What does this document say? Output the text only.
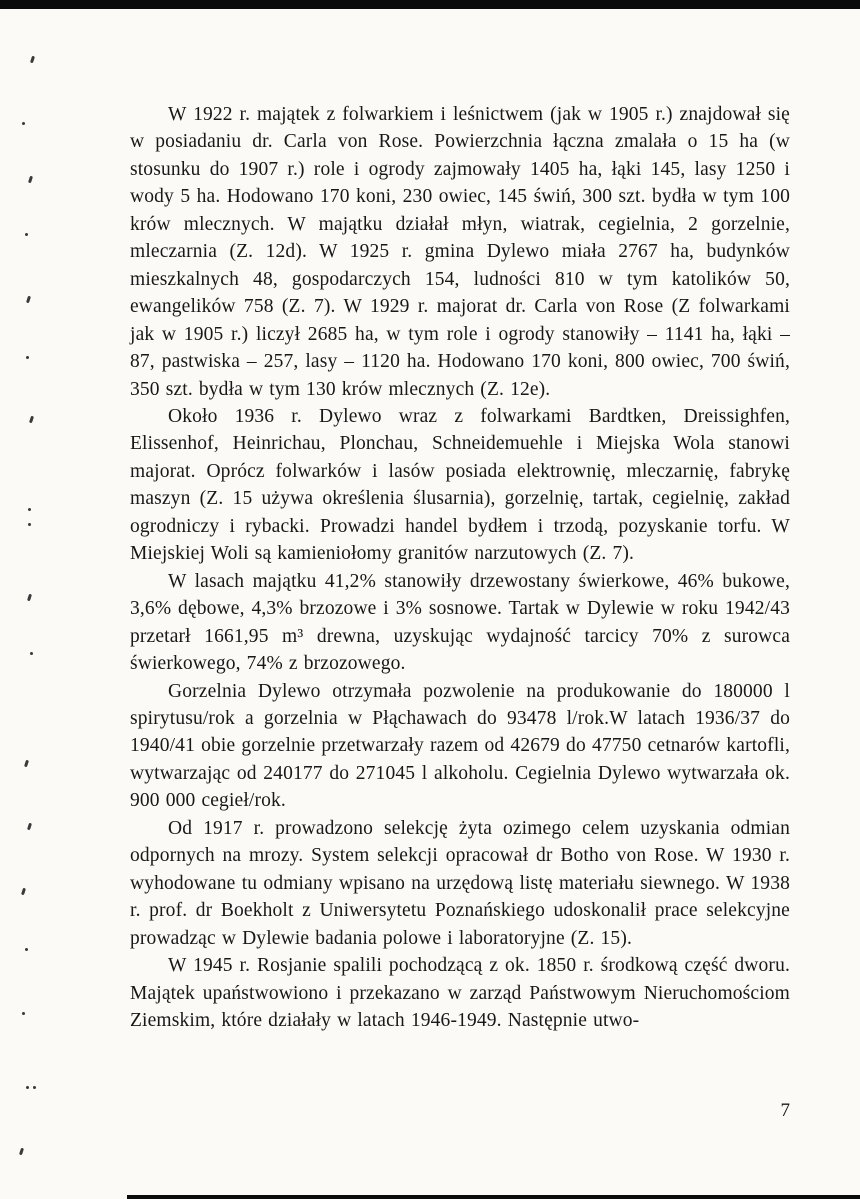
W 1922 r. majątek z folwarkiem i leśnictwem (jak w 1905 r.) znajdował się w posiadaniu dr. Carla von Rose. Powierzchnia łączna zmalała o 15 ha (w stosunku do 1907 r.) role i ogrody zajmowały 1405 ha, łąki 145, lasy 1250 i wody 5 ha. Hodowano 170 koni, 230 owiec, 145 świń, 300 szt. bydła w tym 100 krów mlecznych. W majątku działał młyn, wiatrak, cegielnia, 2 gorzelnie, mleczarnia (Z. 12d). W 1925 r. gmina Dylewo miała 2767 ha, budynków mieszkalnych 48, gospodarczych 154, ludności 810 w tym katolików 50, ewangelików 758 (Z. 7). W 1929 r. majorat dr. Carla von Rose (Z folwarkami jak w 1905 r.) liczył 2685 ha, w tym role i ogrody stanowiły – 1141 ha, łąki – 87, pastwiska – 257, lasy – 1120 ha. Hodowano 170 koni, 800 owiec, 700 świń, 350 szt. bydła w tym 130 krów mlecznych (Z. 12e).

Około 1936 r. Dylewo wraz z folwarkami Bardtken, Dreissighfen, Elissenhof, Heinrichau, Plonchau, Schneidemuehle i Miejska Wola stanowi majorat. Oprócz folwarków i lasów posiada elektrownię, mleczarnię, fabrykę maszyn (Z. 15 używa określenia ślusarnia), gorzelnię, tartak, cegielnię, zakład ogrodniczy i rybacki. Prowadzi handel bydłem i trzodą, pozyskanie torfu. W Miejskiej Woli są kamieniołomy granitów narzutowych (Z. 7).

W lasach majątku 41,2% stanowiły drzewostany świerkowe, 46% bukowe, 3,6% dębowe, 4,3% brzozowe i 3% sosnowe. Tartak w Dylewie w roku 1942/43 przetarł 1661,95 m³ drewna, uzyskując wydajność tarcicy 70% z surowca świerkowego, 74% z brzozowego.

Gorzelnia Dylewo otrzymała pozwolenie na produkowanie do 180000 l spirytusu/rok a gorzelnia w Płąchawach do 93478 l/rok.W latach 1936/37 do 1940/41 obie gorzelnie przetwarzały razem od 42679 do 47750 cetnarów kartofli, wytwarzając od 240177 do 271045 l alkoholu. Cegielnia Dylewo wytwarzała ok. 900 000 cegieł/rok.

Od 1917 r. prowadzono selekcję żyta ozimego celem uzyskania odmian odpornych na mrozy. System selekcji opracował dr Botho von Rose. W 1930 r. wyhodowane tu odmiany wpisano na urzędową listę materiału siewnego. W 1938 r. prof. dr Boekholt z Uniwersytetu Poznańskiego udoskonalił prace selekcyjne prowadząc w Dylewie badania polowe i laboratoryjne (Z. 15).

W 1945 r. Rosjanie spalili pochodzącą z ok. 1850 r. środkową część dworu. Majątek upaństwowiono i przekazano w zarząd Państwowym Nieruchomościom Ziemskim, które działały w latach 1946-1949. Następnie utwo-

7
